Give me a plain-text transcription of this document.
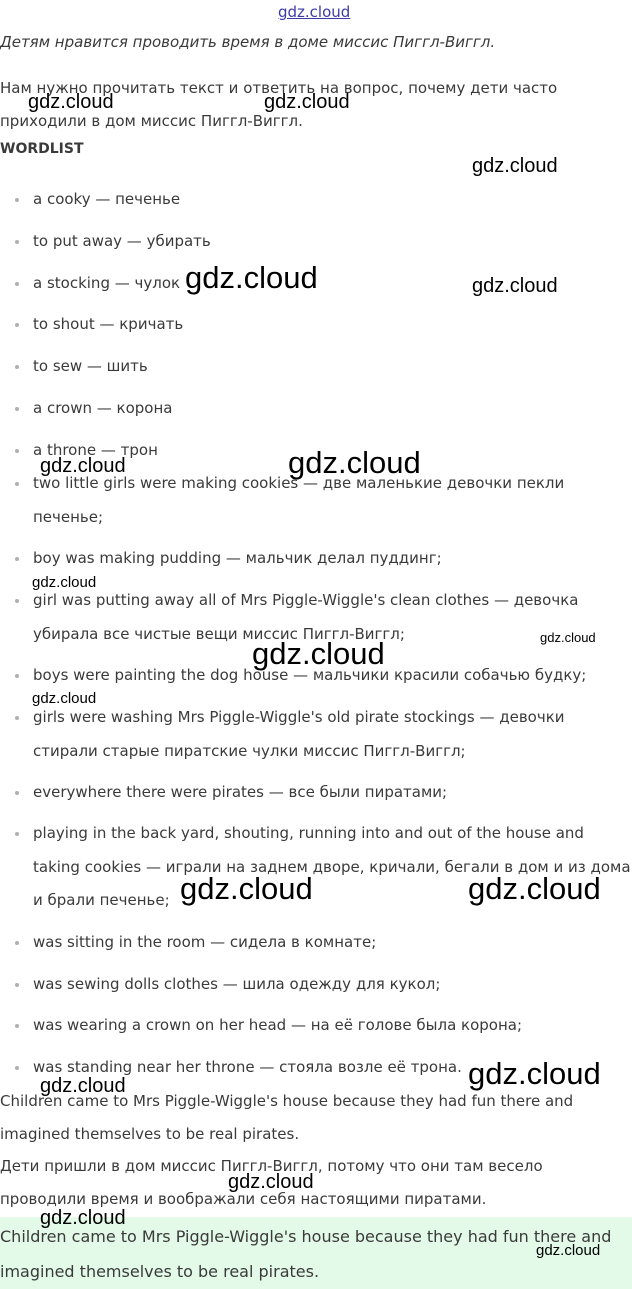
gdz.cloud

Детям нравится проводить время в доме миссис Пиггл-Виггл.

Нам нужно прочитать текст и ответить на вопрос, почему дети часто приходили в дом миссис Пиггл-Виггл.

WORDLIST
a cooky — печенье
to put away — убирать
a stocking — чулок
to shout — кричать
to sew — шить
a crown — корона
a throne — трон
two little girls were making cookies — две маленькие девочки пекли печенье;
boy was making pudding — мальчик делал пуддинг;
girl was putting away all of Mrs Piggle-Wiggle's clean clothes — девочка убирала все чистые вещи миссис Пиггл-Виггл;
boys were painting the dog house — мальчики красили собачью будку;
girls were washing Mrs Piggle-Wiggle's old pirate stockings — девочки стирали старые пиратские чулки миссис Пиггл-Виггл;
everywhere there were pirates — все были пиратами;
playing in the back yard, shouting, running into and out of the house and taking cookies — играли на заднем дворе, кричали, бегали в дом и из дома и брали печенье;
was sitting in the room — сидела в комнате;
was sewing dolls clothes — шила одежду для кукол;
was wearing a crown on her head — на её голове была корона;
was standing near her throne — стояла возле её трона.

Children came to Mrs Piggle-Wiggle's house because they had fun there and imagined themselves to be real pirates.

Дети пришли в дом миссис Пиггл-Виггл, потому что они там весело проводили время и воображали себя настоящими пиратами.

Children came to Mrs Piggle-Wiggle's house because they had fun there and imagined themselves to be real pirates.

gdz.cloud	gdz.cloud
gdz.cloud
gdz.cloud	gdz.cloud
gdz.cloud	gdz.cloud
gdz.cloud
gdz.cloud
gdz.cloud
gdz.cloud
gdz.cloud	gdz.cloud
gdz.cloud
gdz.cloud
gdz.cloud
gdz.cloud
gdz.cloud
